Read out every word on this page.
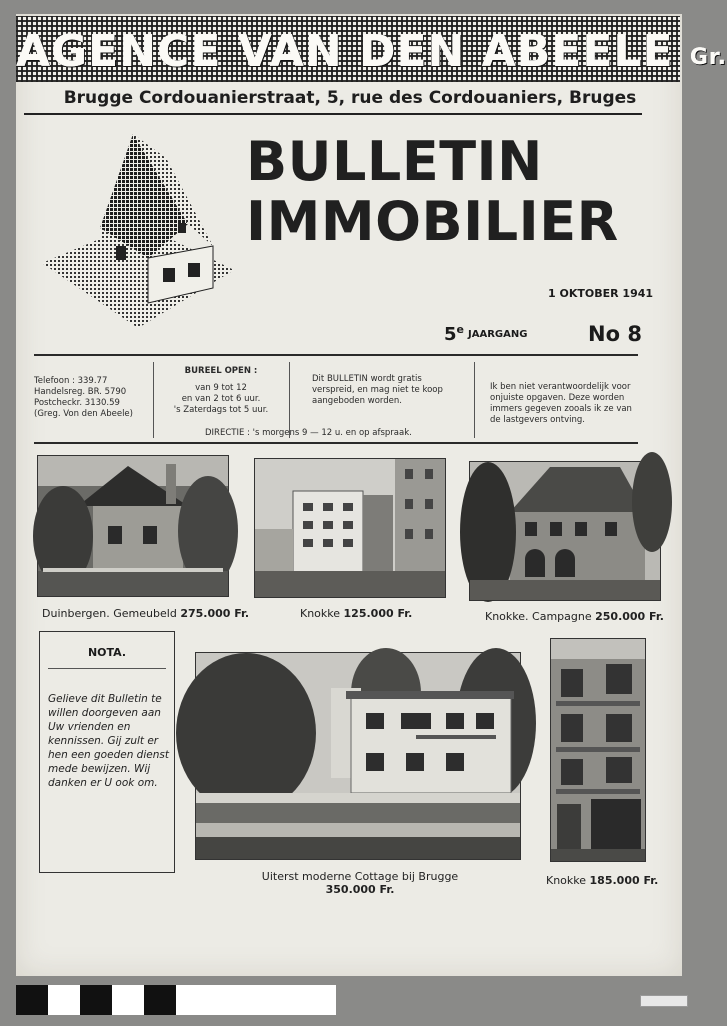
AGENCE VAN DEN ABEELE Gr.
Brugge Cordouanierstraat, 5, rue des Cordouaniers, Bruges
BULLETIN
IMMOBILIER
1 OKTOBER 1941
5e JAARGANG	No 8
Telefoon : 339.77
Handelsreg. BR. 5790
Postcheckr. 3130.59
(Greg. Von den Abeele)
BUREEL OPEN :
van 9 tot 12
en van 2 tot 6 uur.
's Zaterdags tot 5 uur.
Dit BULLETIN wordt gratis verspreid, en mag niet te koop aangeboden worden.
Ik ben niet verantwoordelijk voor onjuiste opgaven. Deze worden immers gegeven zooals ik ze van de lastgevers ontving.
DIRECTIE : 's morgens 9 — 12 u. en op afspraak.
Duinbergen. Gemeubeld 275.000 Fr.	Knokke 125.000 Fr.	Knokke. Campagne 250.000 Fr.
NOTA.
Gelieve dit Bulletin te willen doorgeven aan Uw vrienden en kennissen. Gij zult er hen een goeden dienst mede bewijzen. Wij danken er U ook om.
Uiterst moderne Cottage bij Brugge
350.000 Fr.
Knokke 185.000 Fr.
